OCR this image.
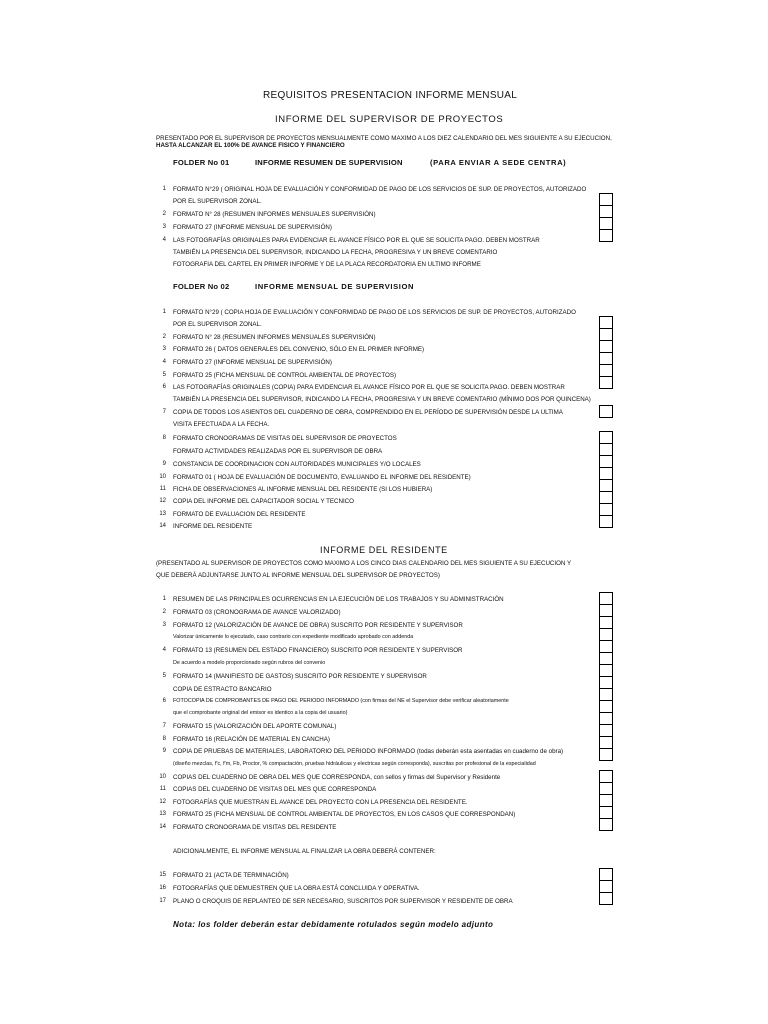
REQUISITOS PRESENTACION INFORME MENSUAL
INFORME DEL SUPERVISOR DE PROYECTOS
PRESENTADO POR EL SUPERVISOR DE PROYECTOS MENSUALMENTE COMO MAXIMO A LOS DIEZ CALENDARIO DEL MES SIGUIENTE A SU EJECUCION,
HASTA ALCANZAR EL 100% DE AVANCE FISICO Y FINANCIERO
FOLDER No 01	INFORME RESUMEN DE SUPERVISION	(PARA ENVIAR A SEDE CENTRA)
1 FORMATO N°29 ( ORIGINAL HOJA DE EVALUACIÓN Y CONFORMIDAD DE PAGO DE LOS SERVICIOS DE SUP. DE PROYECTOS, AUTORIZADO
POR EL SUPERVISOR ZONAL.
2 FORMATO N° 28 (RESUMEN INFORMES MENSUALES SUPERVISIÓN)
3 FORMATO 27 (INFORME MENSUAL DE SUPERVISIÓN)
4 LAS FOTOGRAFÍAS ORIGINALES PARA EVIDENCIAR EL AVANCE FÍSICO POR EL QUE SE SOLICITA PAGO. DEBEN MOSTRAR
TAMBIÉN LA PRESENCIA DEL SUPERVISOR, INDICANDO LA FECHA, PROGRESIVA Y UN BREVE COMENTARIO
FOTOGRAFIA DEL CARTEL EN PRIMER INFORME Y DE LA PLACA RECORDATORIA EN ULTIMO INFORME
FOLDER No 02	INFORME MENSUAL DE SUPERVISION
1 FORMATO N°29 ( COPIA HOJA DE EVALUACIÓN Y CONFORMIDAD DE PAGO DE LOS SERVICIOS DE SUP. DE PROYECTOS, AUTORIZADO
POR EL SUPERVISOR ZONAL.
2 FORMATO N° 28 (RESUMEN INFORMES MENSUALES SUPERVISIÓN)
3 FORMATO 26 ( DATOS GENERALES DEL CONVENIO, SÓLO EN EL PRIMER INFORME)
4 FORMATO 27 (INFORME MENSUAL DE SUPERVISIÓN)
5 FORMATO 25 (FICHA MENSUAL DE CONTROL AMBIENTAL DE PROYECTOS)
6 LAS FOTOGRAFÍAS ORIGINALES (COPIA) PARA EVIDENCIAR EL AVANCE FÍSICO POR EL QUE SE SOLICITA PAGO. DEBEN MOSTRAR
TAMBIÉN LA PRESENCIA DEL SUPERVISOR, INDICANDO LA FECHA, PROGRESIVA Y UN BREVE COMENTARIO (MÍNIMO DOS POR QUINCENA)
7 COPIA DE TODOS LOS ASIENTOS DEL CUADERNO DE OBRA, COMPRENDIDO EN EL PERÍODO DE SUPERVISIÓN DESDE LA ULTIMA
VISITA EFECTUADA A LA FECHA.
8 FORMATO CRONOGRAMAS DE VISITAS DEL SUPERVISOR DE PROYECTOS
FORMATO ACTIVIDADES REALIZADAS POR EL SUPERVISOR DE OBRA
9 CONSTANCIA DE COORDINACION CON AUTORIDADES MUNICIPALES Y/O LOCALES
10 FORMATO 01 ( HOJA DE EVALUACIÓN DE DOCUMENTO, EVALUANDO EL INFORME DEL RESIDENTE)
11 FICHA DE OBSERVACIONES AL INFORME MENSUAL DEL RESIDENTE (SI LOS HUBIERA)
12 COPIA DEL INFORME DEL CAPACITADOR SOCIAL Y TECNICO
13 FORMATO DE EVALUACION DEL RESIDENTE
14 INFORME DEL RESIDENTE
INFORME DEL RESIDENTE
(PRESENTADO AL SUPERVISOR DE PROYECTOS COMO MAXIMO A LOS CINCO DIAS CALENDARIO DEL MES SIGUIENTE A SU EJECUCION Y
QUE DEBERÁ ADJUNTARSE JUNTO AL INFORME MENSUAL DEL SUPERVISOR DE PROYECTOS)
1 RESUMEN DE LAS PRINCIPALES OCURRENCIAS EN LA EJECUCIÓN DE LOS TRABAJOS Y SU ADMINISTRACIÓN
2 FORMATO 03 (CRONOGRAMA DE AVANCE VALORIZADO)
3 FORMATO 12 (VALORIZACIÓN DE AVANCE DE OBRA) SUSCRITO POR RESIDENTE Y SUPERVISOR
Valorizar únicamente lo ejecutado, caso contrario con expediente modificado aprobado con addenda
4 FORMATO 13 (RESUMEN DEL ESTADO FINANCIERO) SUSCRITO POR RESIDENTE Y SUPERVISOR
De acuerdo a modelo proporcionado según rubros del convenio
5 FORMATO 14 (MANIFIESTO DE GASTOS) SUSCRITO POR RESIDENTE Y SUPERVISOR
COPIA DE ESTRACTO BANCARIO
6 FOTOCOPIA DE COMPROBANTES DE PAGO DEL PERIODO INFORMADO (con firmas del NE el Supervisor debe verificar aleatoriamente
que el comprobante original del emisor es identico a la copia del usuario)
7 FORMATO 15 (VALORIZACIÓN DEL APORTE COMUNAL)
8 FORMATO 16 (RELACIÓN DE MATERIAL EN CANCHA)
9 COPIA DE PRUEBAS DE MATERIALES, LABORATORIO DEL PERIODO INFORMADO (todas deberán esta asentadas en cuaderno de obra)
(diseño mezclas, f'c, f'm, Fb, Proctor, % compactación, pruebas hidráulicas y electricas según corresponda), suscritas por profesional de la especialidad
10 COPIAS DEL CUADERNO DE OBRA DEL MES QUE CORRESPONDA, con sellos y firmas del Supervisor y Residente
11 COPIAS DEL CUADERNO DE VISITAS DEL MES QUE CORRESPONDA
12 FOTOGRAFÍAS QUE MUESTRAN EL AVANCE DEL PROYECTO CON LA PRESENCIA DEL RESIDENTE.
13 FORMATO 25 (FICHA MENSUAL DE CONTROL AMBIENTAL DE PROYECTOS, EN LOS CASOS QUE CORRESPONDAN)
14 FORMATO CRONOGRAMA DE VISITAS DEL RESIDENTE
ADICIONALMENTE, EL INFORME MENSUAL AL FINALIZAR LA OBRA DEBERÁ CONTENER:
15 FORMATO 21 (ACTA DE TERMINACIÓN)
16 FOTOGRAFÍAS QUE DEMUESTREN QUE LA OBRA ESTÁ CONCLUIDA Y OPERATIVA.
17 PLANO O CROQUIS DE REPLANTEO DE SER NECESARIO, SUSCRITOS POR SUPERVISOR Y RESIDENTE DE OBRA
Nota: los folder deberán estar debidamente rotulados según modelo adjunto
